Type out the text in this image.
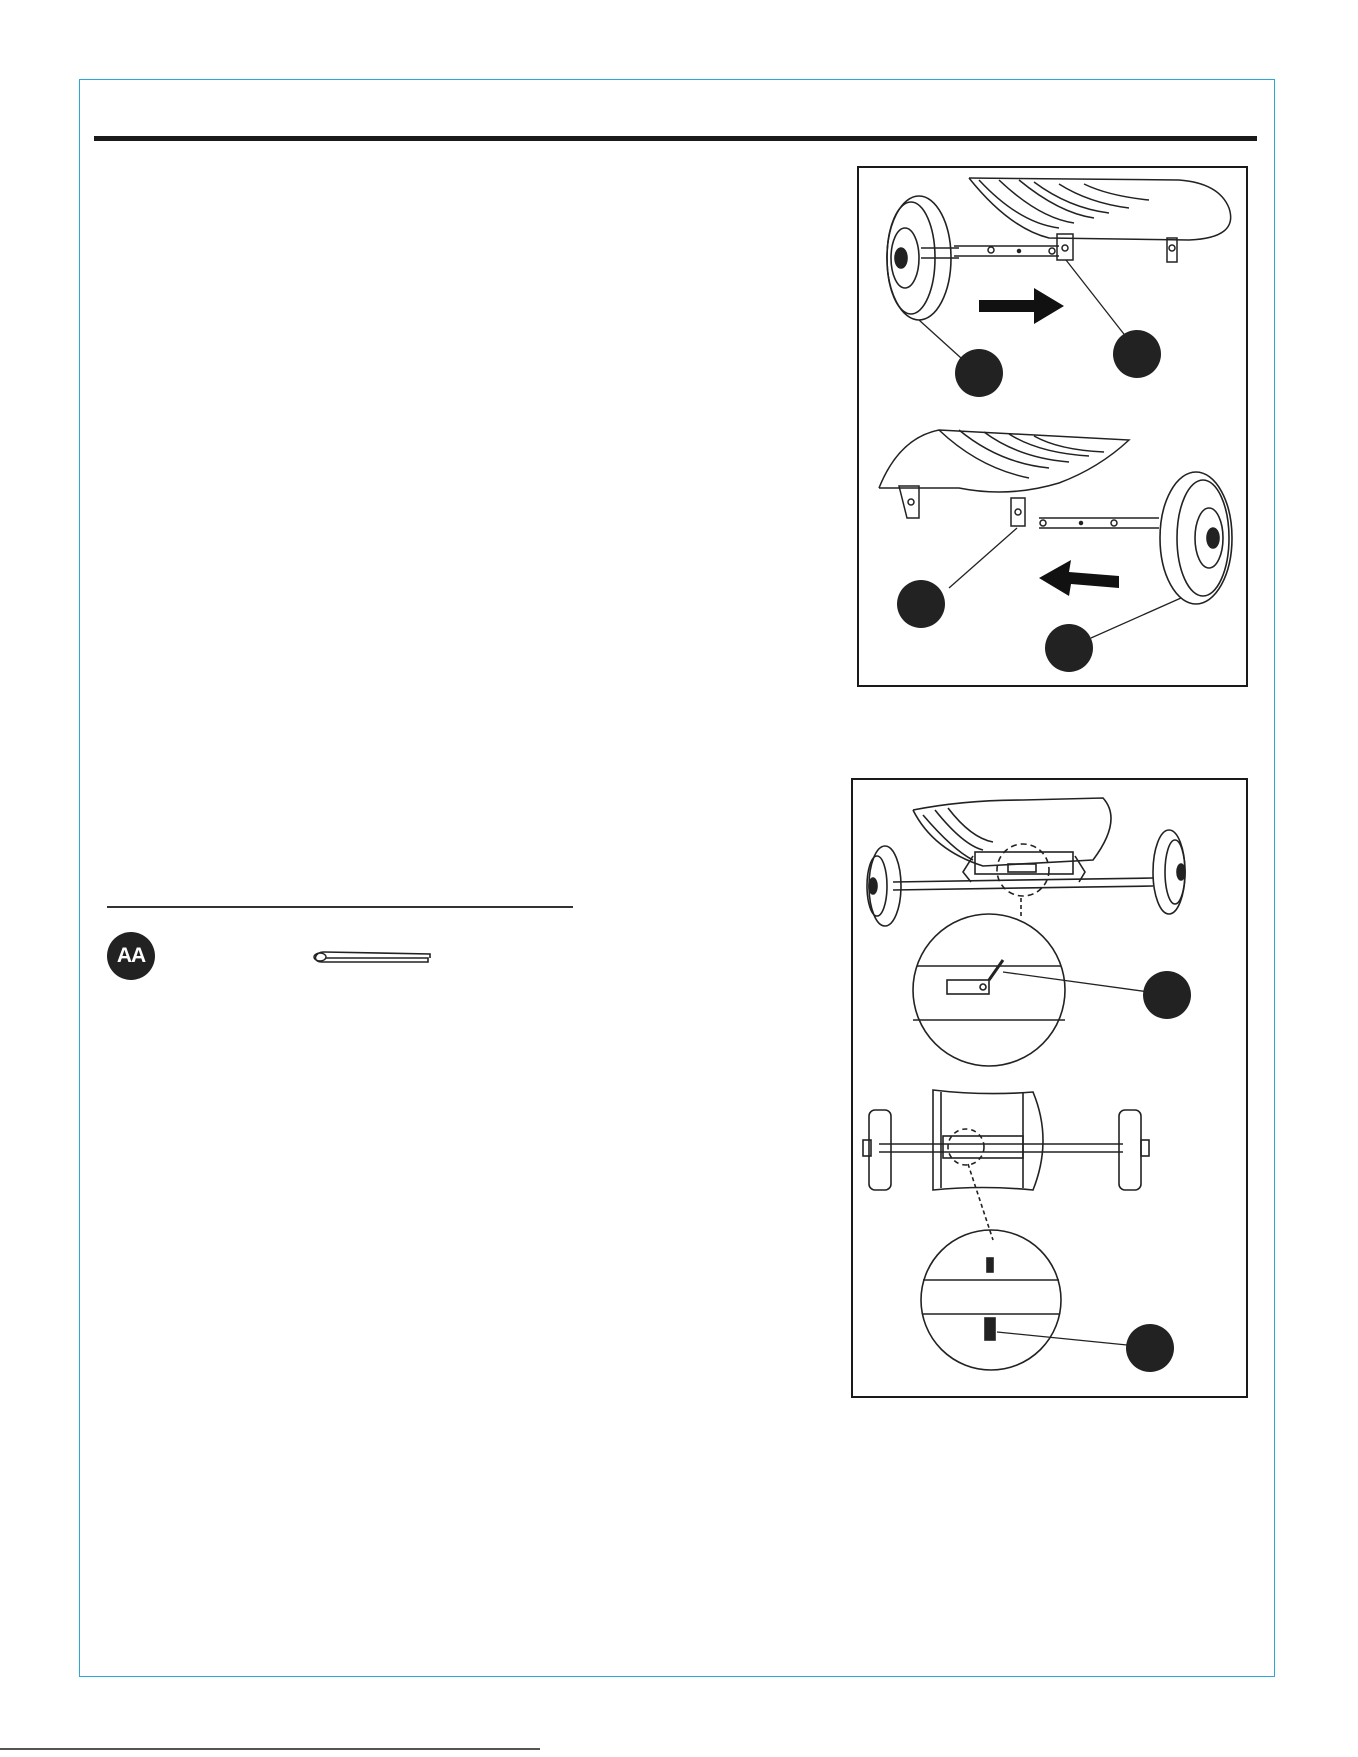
AA
